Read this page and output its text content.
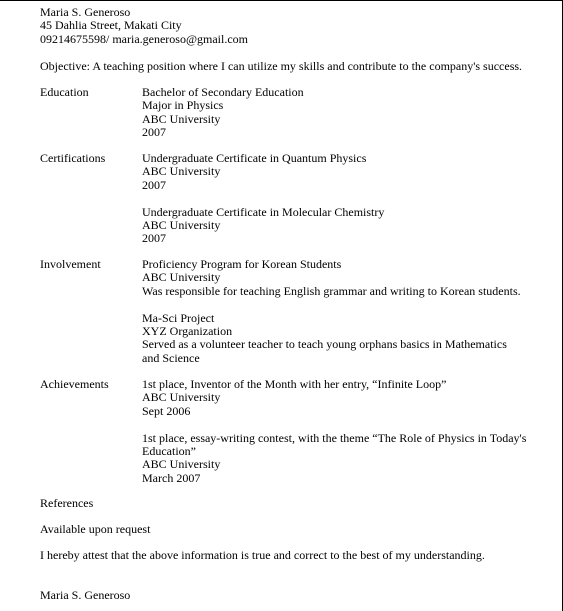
Maria S. Generoso
45 Dahlia Street, Makati City
09214675598/ maria.generoso@gmail.com
Objective: A teaching position where I can utilize my skills and contribute to the company's success.
Education	Bachelor of Secondary Education
Major in Physics
ABC University
2007
Certifications	Undergraduate Certificate in Quantum Physics
ABC University
2007
Undergraduate Certificate in Molecular Chemistry
ABC University
2007
Involvement	Proficiency Program for Korean Students
ABC University
Was responsible for teaching English grammar and writing to Korean students.
Ma-Sci Project
XYZ Organization
Served as a volunteer teacher to teach young orphans basics in Mathematics and Science
Achievements	1st place, Inventor of the Month with her entry, “Infinite Loop”
ABC University
Sept 2006
1st place, essay-writing contest, with the theme “The Role of Physics in Today's Education”
ABC University
March 2007
References
Available upon request
I hereby attest that the above information is true and correct to the best of my understanding.
Maria S. Generoso
